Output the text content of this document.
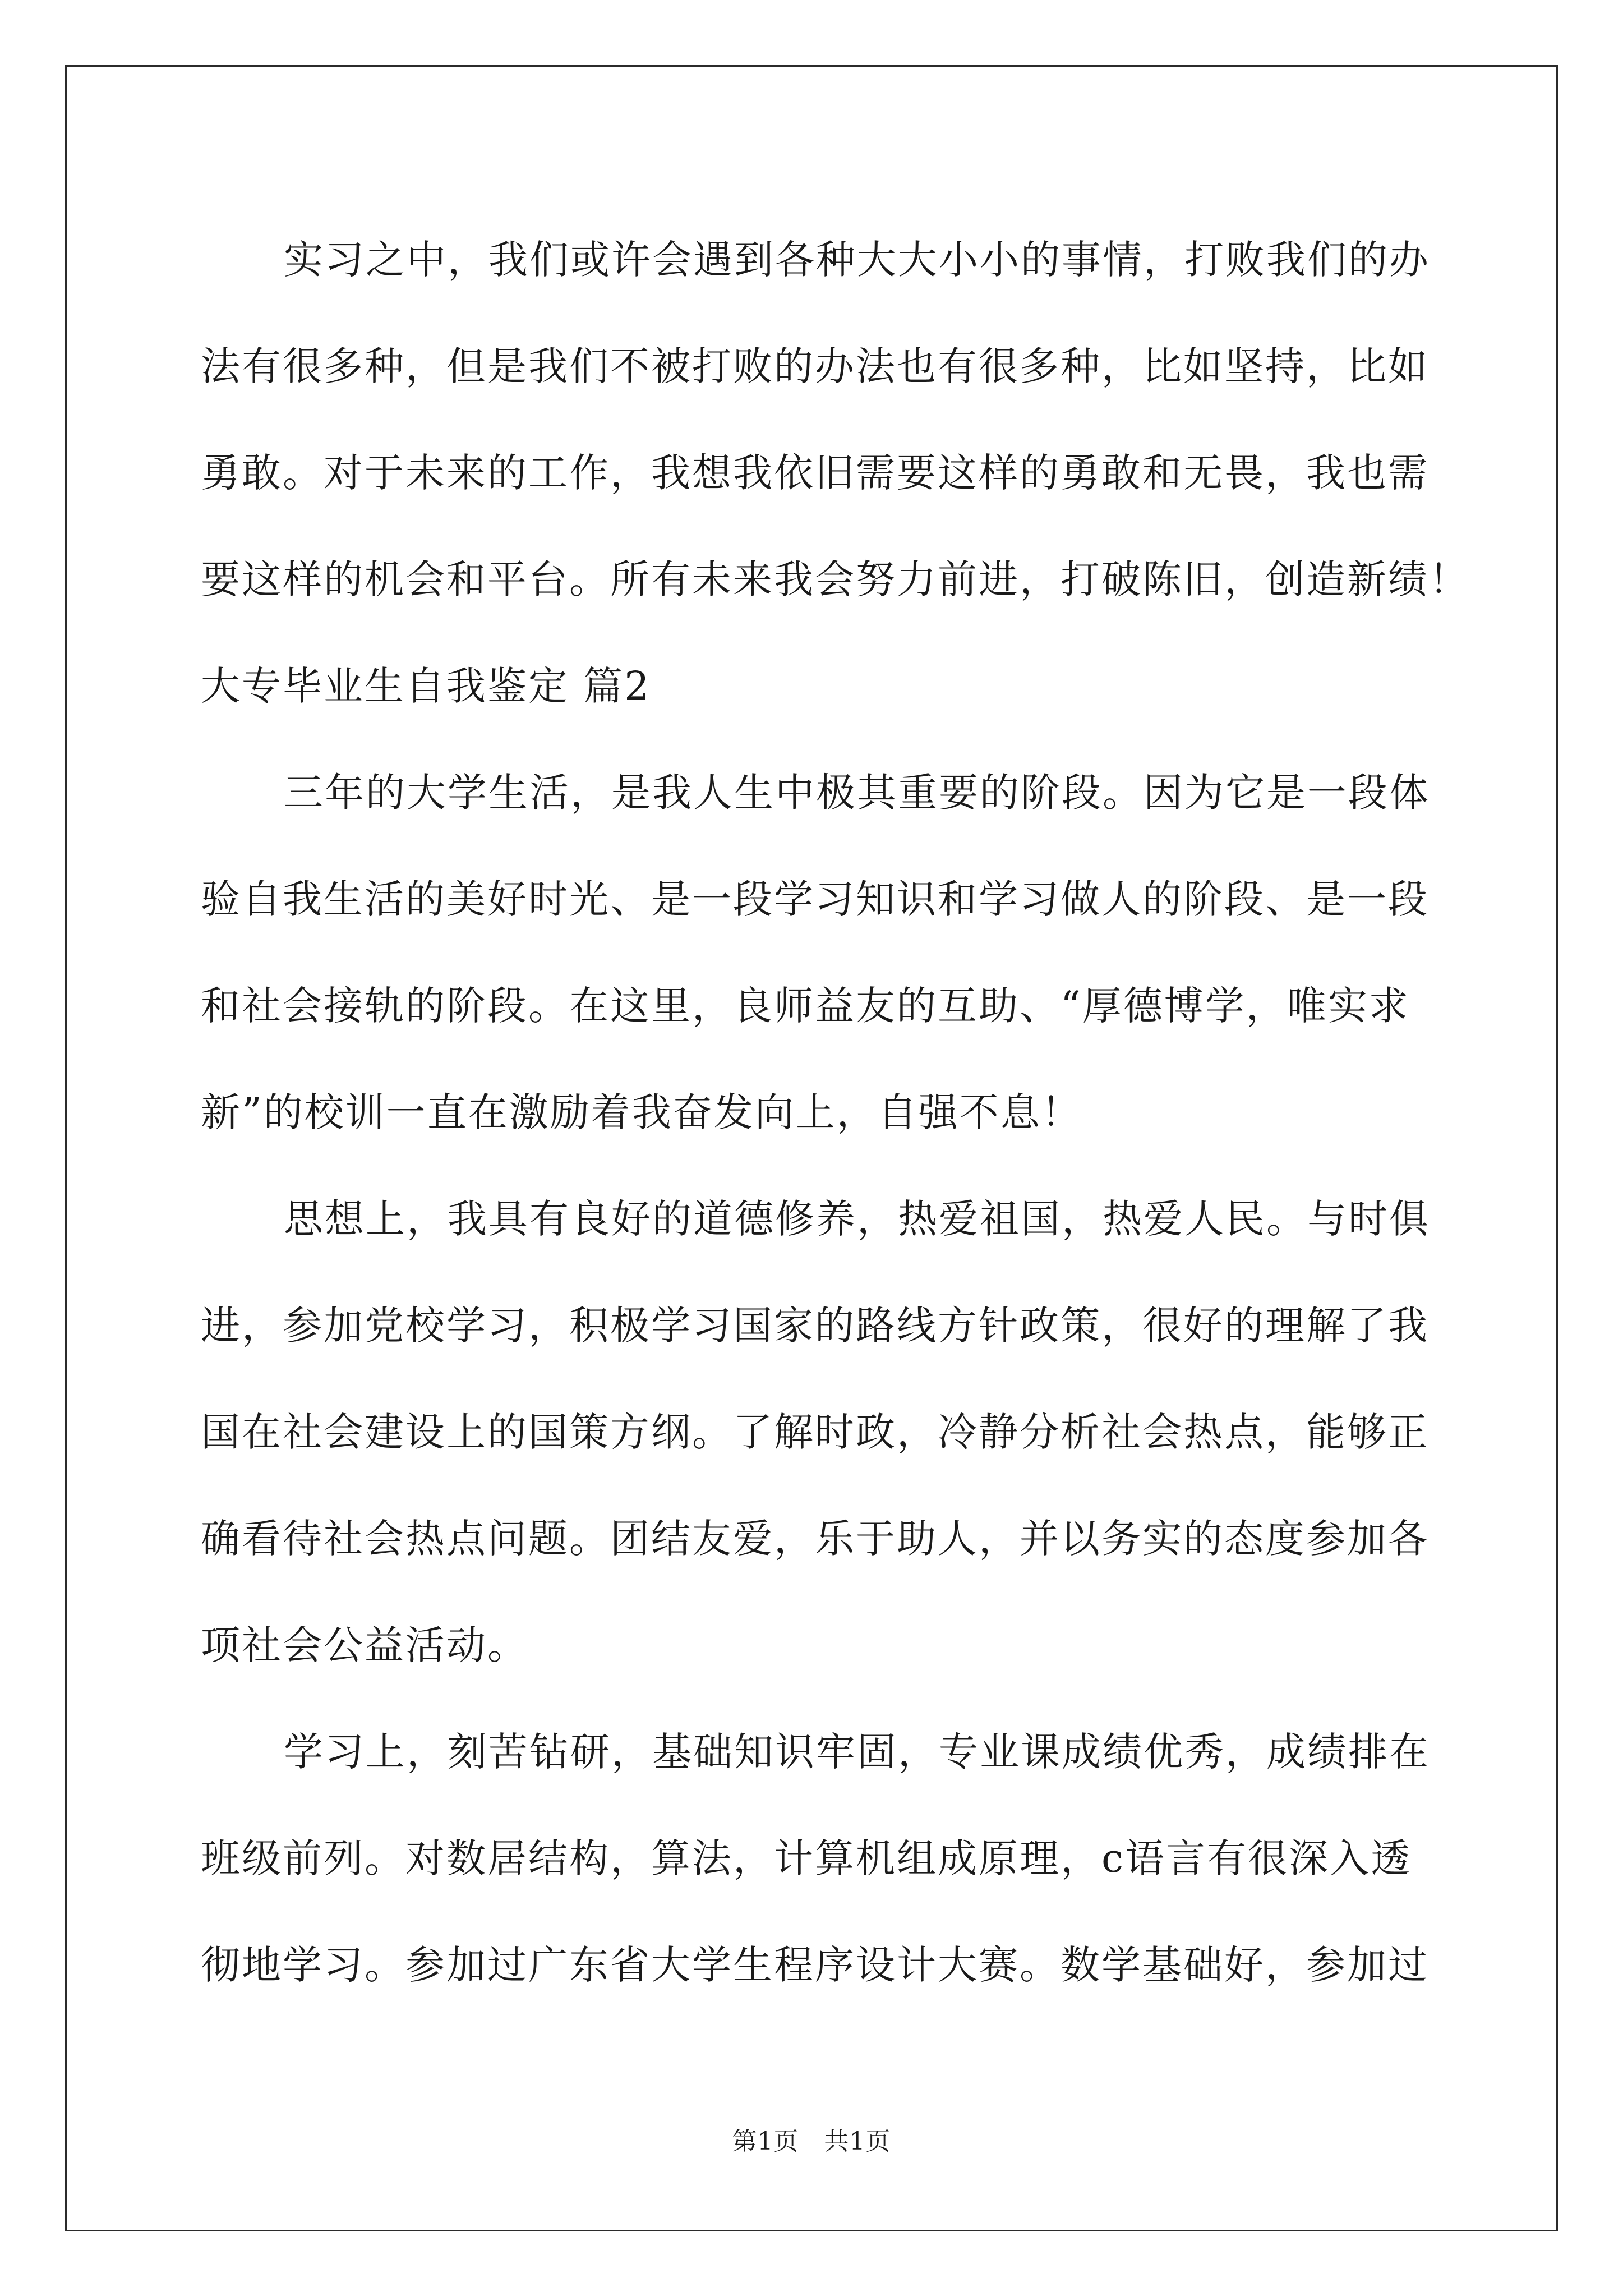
实习之中，我们或许会遇到各种大大小小的事情，打败我们的办
法有很多种，但是我们不被打败的办法也有很多种，比如坚持，比如
勇敢。对于未来的工作，我想我依旧需要这样的勇敢和无畏，我也需
要这样的机会和平台。所有未来我会努力前进，打破陈旧，创造新绩！
大专毕业生自我鉴定 篇2
三年的大学生活，是我人生中极其重要的阶段。因为它是一段体
验自我生活的美好时光、是一段学习知识和学习做人的阶段、是一段
和社会接轨的阶段。在这里，良师益友的互助、“厚德博学，唯实求
新”的校训一直在激励着我奋发向上，自强不息！
思想上，我具有良好的道德修养，热爱祖国，热爱人民。与时俱
进，参加党校学习，积极学习国家的路线方针政策，很好的理解了我
国在社会建设上的国策方纲。了解时政，冷静分析社会热点，能够正
确看待社会热点问题。团结友爱，乐于助人，并以务实的态度参加各
项社会公益活动。
学习上，刻苦钻研，基础知识牢固，专业课成绩优秀，成绩排在
班级前列。对数居结构，算法，计算机组成原理，c语言有很深入透
彻地学习。参加过广东省大学生程序设计大赛。数学基础好，参加过
第1页　共1页
